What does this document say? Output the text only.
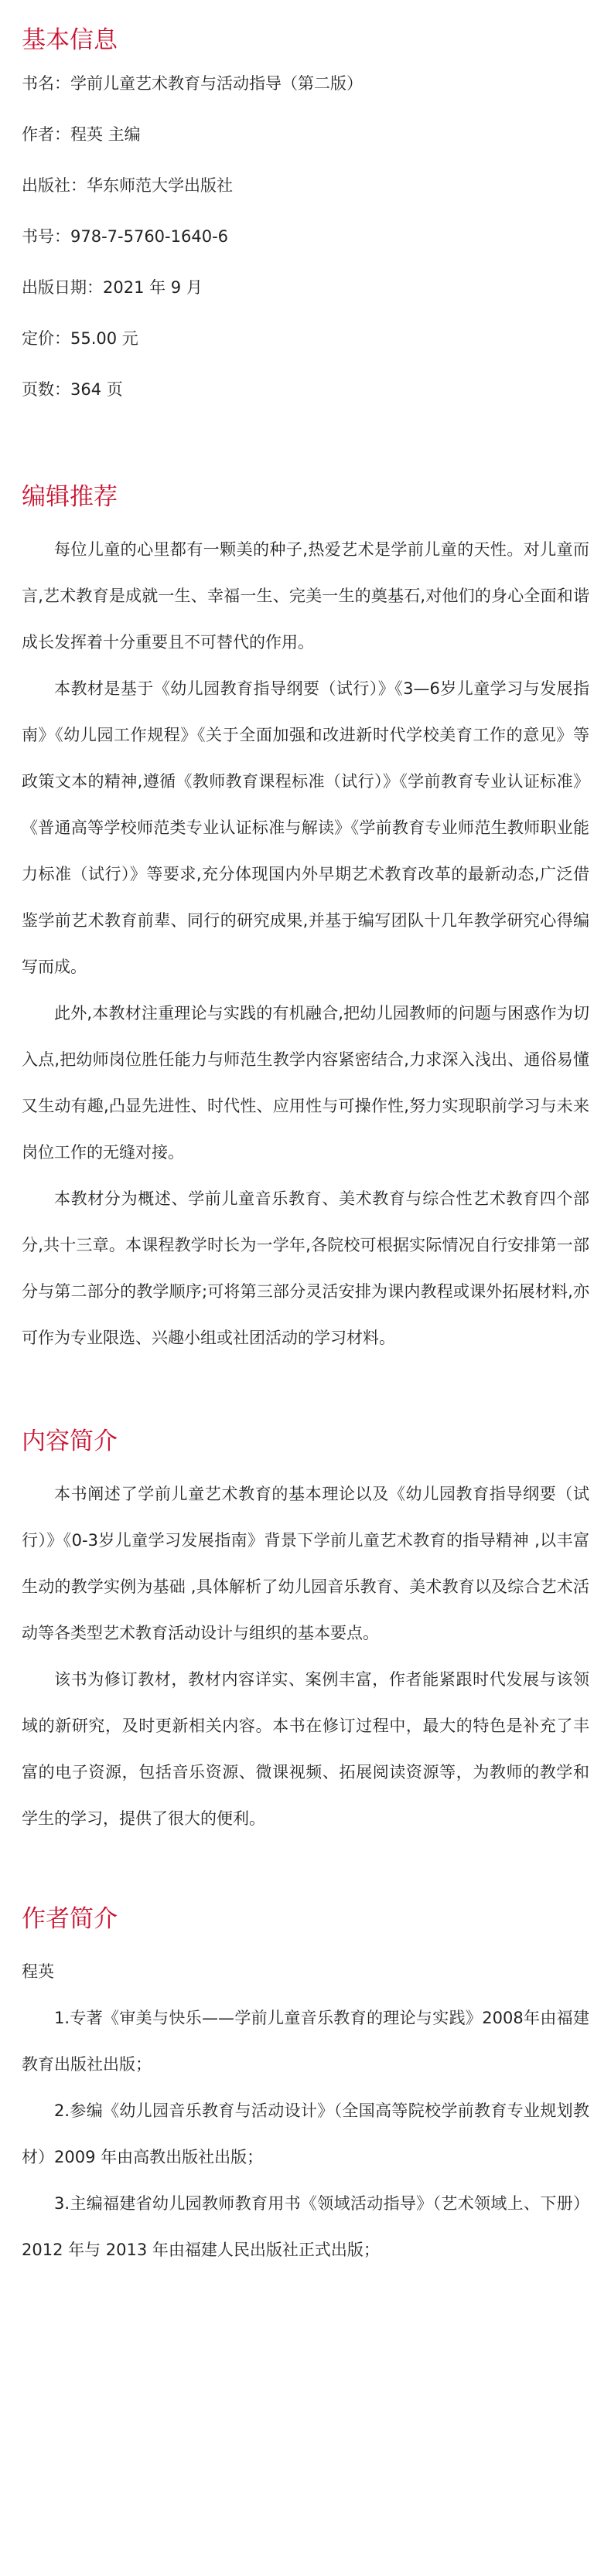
基本信息
书名：学前儿童艺术教育与活动指导（第二版）
作者：程英 主编
出版社：华东师范大学出版社
书号：978-7-5760-1640-6
出版日期：2021 年 9 月
定价：55.00 元
页数：364 页
编辑推荐

每位儿童的心里都有一颗美的种子,热爱艺术是学前儿童的天性。对儿童而言,艺术教育是成就一生、幸福一生、完美一生的奠基石,对他们的身心全面和谐成长发挥着十分重要且不可替代的作用。

本教材是基于《幼儿园教育指导纲要（试行）》《3—6岁儿童学习与发展指南》《幼儿园工作规程》《关于全面加强和改进新时代学校美育工作的意见》等政策文本的精神,遵循《教师教育课程标准（试行）》《学前教育专业认证标准》《普通高等学校师范类专业认证标准与解读》《学前教育专业师范生教师职业能力标准（试行）》等要求,充分体现国内外早期艺术教育改革的最新动态,广泛借鉴学前艺术教育前辈、同行的研究成果,并基于编写团队十几年教学研究心得编写而成。

此外,本教材注重理论与实践的有机融合,把幼儿园教师的问题与困惑作为切入点,把幼师岗位胜任能力与师范生教学内容紧密结合,力求深入浅出、通俗易懂又生动有趣,凸显先进性、时代性、应用性与可操作性,努力实现职前学习与未来岗位工作的无缝对接。

本教材分为概述、学前儿童音乐教育、美术教育与综合性艺术教育四个部分,共十三章。本课程教学时长为一学年,各院校可根据实际情况自行安排第一部分与第二部分的教学顺序;可将第三部分灵活安排为课内教程或课外拓展材料,亦可作为专业限选、兴趣小组或社团活动的学习材料。

内容简介

本书阐述了学前儿童艺术教育的基本理论以及《幼儿园教育指导纲要（试行）》《0-3岁儿童学习发展指南》背景下学前儿童艺术教育的指导精神 ,以丰富生动的教学实例为基础 ,具体解析了幼儿园音乐教育、美术教育以及综合艺术活动等各类型艺术教育活动设计与组织的基本要点。

该书为修订教材，教材内容详实、案例丰富，作者能紧跟时代发展与该领域的新研究，及时更新相关内容。本书在修订过程中，最大的特色是补充了丰富的电子资源，包括音乐资源、微课视频、拓展阅读资源等，为教师的教学和学生的学习，提供了很大的便利。

作者简介

程英

1.专著《审美与快乐——学前儿童音乐教育的理论与实践》2008年由福建教育出版社出版；

2.参编《幼儿园音乐教育与活动设计》（全国高等院校学前教育专业规划教材）2009 年由高教出版社出版；

3.主编福建省幼儿园教师教育用书《领域活动指导》（艺术领域上、下册）2012 年与 2013 年由福建人民出版社正式出版；
